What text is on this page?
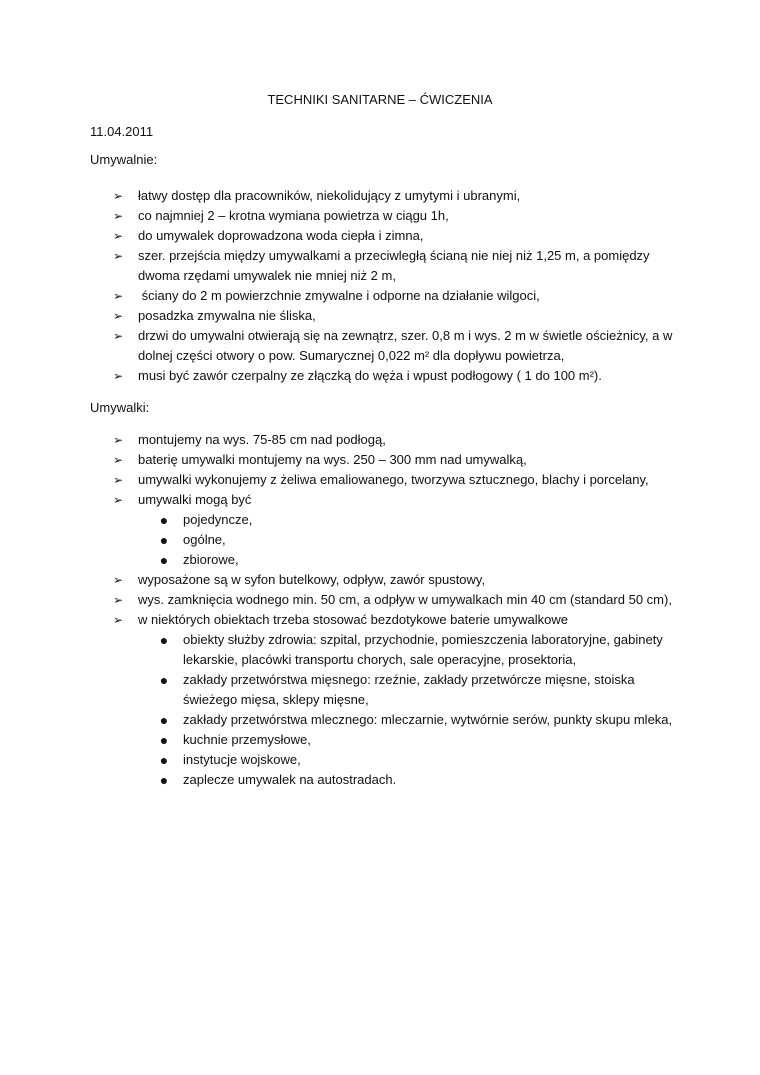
TECHNIKI SANITARNE – ĆWICZENIA
11.04.2011
Umywalnie:
➢ łatwy dostęp dla pracowników, niekolidujący z umytymi i ubranymi,
➢ co najmniej 2 – krotna wymiana powietrza w ciągu 1h,
➢ do umywalek doprowadzona woda ciepła i zimna,
➢ szer. przejścia między umywalkami a przeciwległą ścianą nie niej niż 1,25 m, a pomiędzy dwoma rzędami umywalek nie mniej niż 2 m,
➢ ściany do 2 m powierzchnie zmywalne i odporne na działanie wilgoci,
➢ posadzka zmywalna nie śliska,
➢ drzwi do umywalni otwierają się na zewnątrz, szer. 0,8 m i wys. 2 m w świetle ościeżnicy, a w dolnej części otwory o pow. Sumarycznej 0,022 m² dla dopływu powietrza,
➢ musi być zawór czerpalny ze złączką do węża i wpust podłogowy ( 1 do 100 m²).
Umywalki:
➢ montujemy na wys. 75-85 cm nad podłogą,
➢ baterię umywalki montujemy na wys. 250 – 300 mm nad umywalką,
➢ umywalki wykonujemy z żeliwa emaliowanego, tworzywa sztucznego, blachy i porcelany,
➢ umywalki mogą być
● pojedyncze,
● ogólne,
● zbiorowe,
➢ wyposażone są w syfon butelkowy, odpływ, zawór spustowy,
➢ wys. zamknięcia wodnego min. 50 cm, a odpływ w umywalkach min 40 cm (standard 50 cm),
➢ w niektórych obiektach trzeba stosować bezdotykowe baterie umywalkowe
● obiekty służby zdrowia: szpital, przychodnie, pomieszczenia laboratoryjne, gabinety lekarskie, placówki transportu chorych, sale operacyjne, prosektoria,
● zakłady przetwórstwa mięsnego: rzeźnie, zakłady przetwórcze mięsne, stoiska świeżego mięsa, sklepy mięsne,
● zakłady przetwórstwa mlecznego: mleczarnie, wytwórnie serów, punkty skupu mleka,
● kuchnie przemysłowe,
● instytucje wojskowe,
● zaplecze umywalek na autostradach.
